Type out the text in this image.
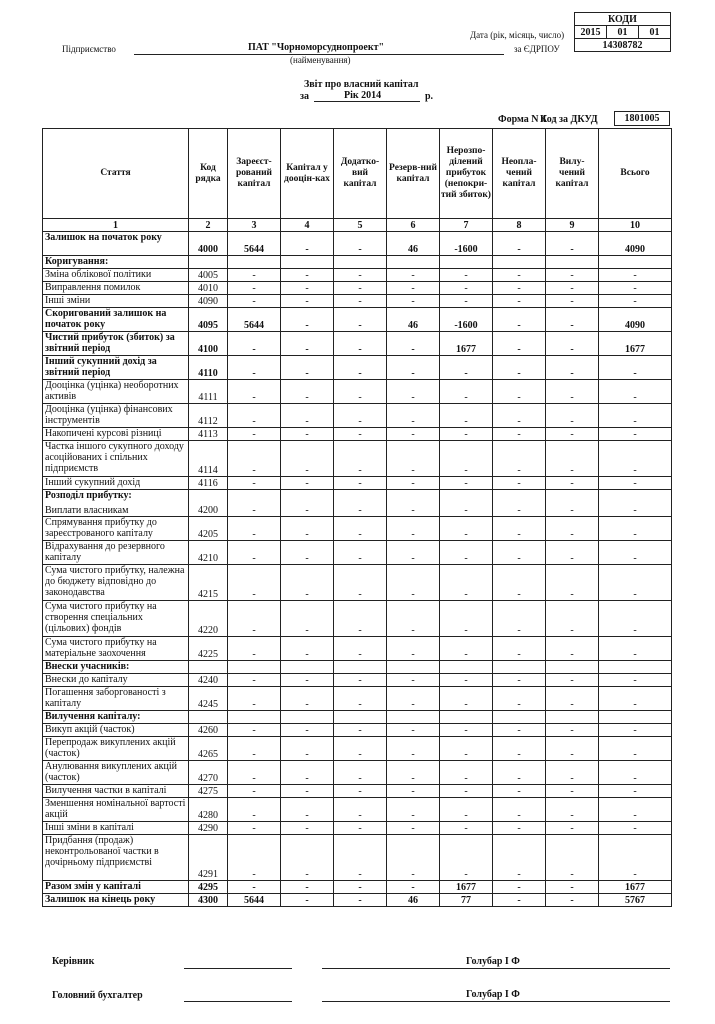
КОДИ
2015	01	01
14308782
Дата (рік, місяць, число)
Підприємство	ПАТ "Чорноморсуднопроект"	за ЄДРПОУ
(найменування)
Звіт про власний капітал
за	Рік 2014	р.
Форма N 4
Код за ДКУД	1801005
Стаття	Код рядка	Зареєст-рований капітал	Капітал у дооцін-ках	Додатко-вий капітал	Резерв-ний капітал	Нерозпо-ділений прибуток (непокри-тий збиток)	Неопла-чений капітал	Вилу-чений капітал	Всього
1	2	3	4	5	6	7	8	9	10
Залишок на початок року	4000	5644	-	-	46	-1600	-	-	4090
Коригування:									
Зміна облікової політики	4005	-	-	-	-	-	-	-	-
Виправлення помилок	4010	-	-	-	-	-	-	-	-
Інші зміни	4090	-	-	-	-	-	-	-	-
Скоригований залишок на початок року	4095	5644	-	-	46	-1600	-	-	4090
Чистий прибуток (збиток) за звітний період	4100	-	-	-	-	1677	-	-	1677
Інший сукупний дохід за звітний період	4110	-	-	-	-	-	-	-	-
Дооцінка (уцінка) необоротних активів	4111	-	-	-	-	-	-	-	-
Дооцінка (уцінка) фінансових інструментів	4112	-	-	-	-	-	-	-	-
Накопичені курсові різниці	4113	-	-	-	-	-	-	-	-
Частка іншого сукупного доходу асоційованих і спільних підприємств	4114	-	-	-	-	-	-	-	-
Інший сукупний дохід	4116	-	-	-	-	-	-	-	-

Розподіл прибутку:
Виплати власникам	4200	-	-	-	-	-	-	-	-
Спрямування прибутку до зареєстрованого капіталу	4205	-	-	-	-	-	-	-	-
Відрахування до резервного капіталу	4210	-	-	-	-	-	-	-	-
Сума чистого прибутку, належна до бюджету відповідно до законодавства	4215	-	-	-	-	-	-	-	-
Сума чистого прибутку на створення спеціальних (цільових) фондів	4220	-	-	-	-	-	-	-	-
Сума чистого прибутку на матеріальне заохочення	4225	-	-	-	-	-	-	-	-
Внески учасників:									
Внески до капіталу	4240	-	-	-	-	-	-	-	-
Погашення заборгованості з капіталу	4245	-	-	-	-	-	-	-	-
Вилучення капіталу:									
Викуп акцій (часток)	4260	-	-	-	-	-	-	-	-
Перепродаж викуплених акцій (часток)	4265	-	-	-	-	-	-	-	-
Анулювання викуплених акцій (часток)	4270	-	-	-	-	-	-	-	-
Вилучення частки в капіталі	4275	-	-	-	-	-	-	-	-
Зменшення номінальної вартості акцій	4280	-	-	-	-	-	-	-	-
Інші зміни в капіталі	4290	-	-	-	-	-	-	-	-
Придбання (продаж) неконтрольованої частки в дочірньому підприємстві	4291	-	-	-	-	-	-	-	-
Разом змін у капіталі	4295	-	-	-	-	1677	-	-	1677
Залишок на кінець року	4300	5644	-	-	46	77	-	-	5767
Керівник	Голубар І Ф
Головний бухгалтер	Голубар І Ф
